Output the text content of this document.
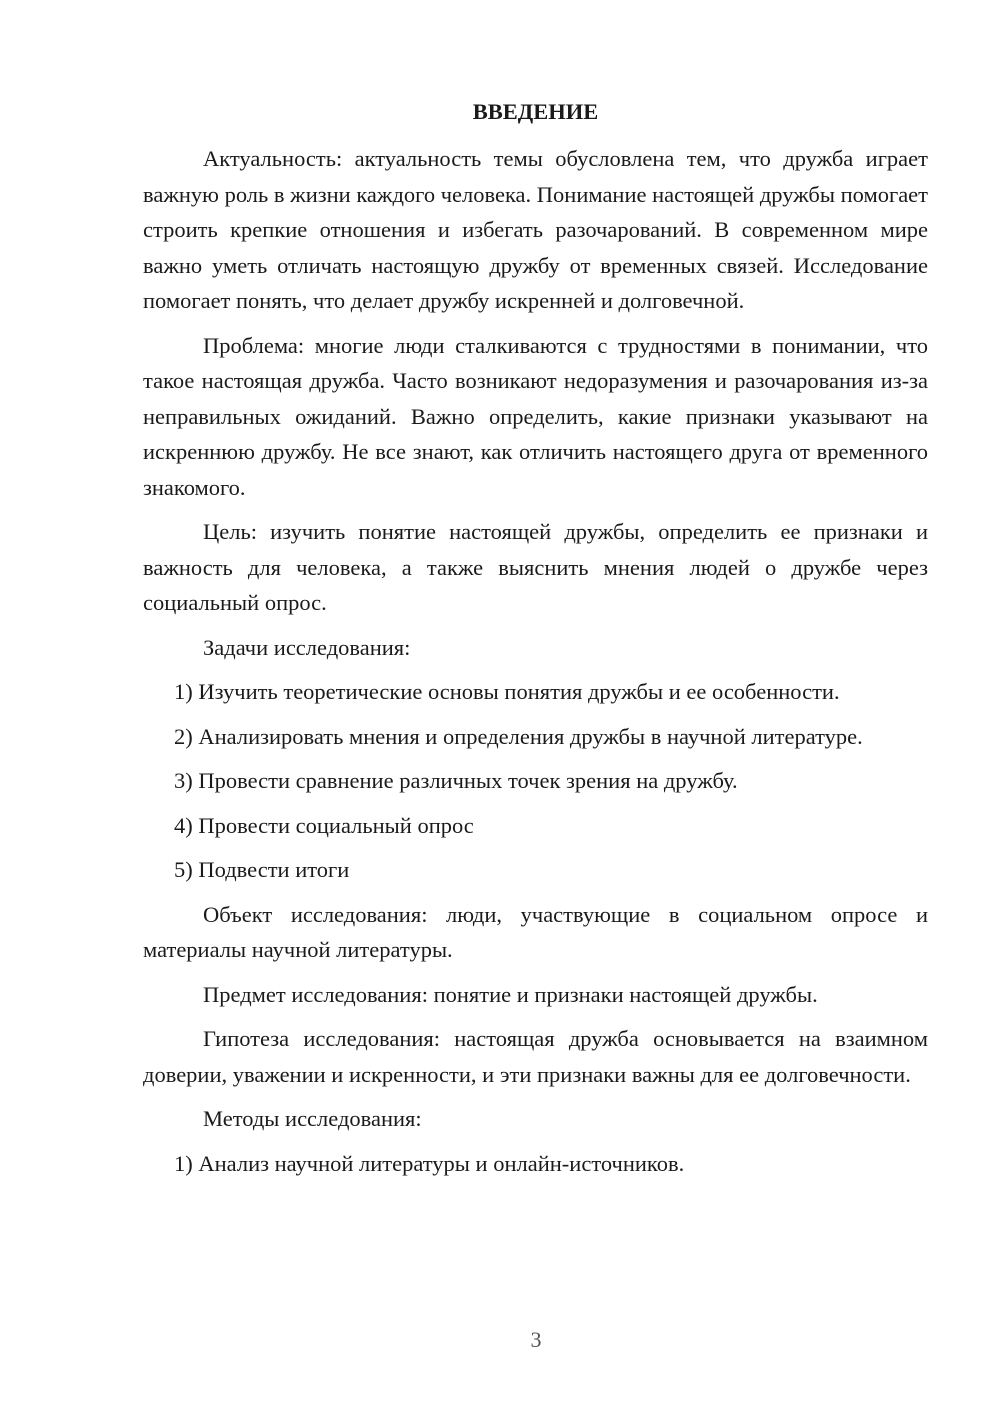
ВВЕДЕНИЕ

Актуальность: актуальность темы обусловлена тем, что дружба играет важную роль в жизни каждого человека. Понимание настоящей дружбы помогает строить крепкие отношения и избегать разочарований. В современном мире важно уметь отличать настоящую дружбу от временных связей. Исследование помогает понять, что делает дружбу искренней и долговечной.

Проблема: многие люди сталкиваются с трудностями в понимании, что такое настоящая дружба. Часто возникают недоразумения и разочарования из-за неправильных ожиданий. Важно определить, какие признаки указывают на искреннюю дружбу. Не все знают, как отличить настоящего друга от временного знакомого.

Цель: изучить понятие настоящей дружбы, определить ее признаки и важность для человека, а также выяснить мнения людей о дружбе через социальный опрос.

Задачи исследования:

1) Изучить теоретические основы понятия дружбы и ее особенности.

2) Анализировать мнения и определения дружбы в научной литературе.

3) Провести сравнение различных точек зрения на дружбу.

4) Провести социальный опрос

5) Подвести итоги

Объект исследования: люди, участвующие в социальном опросе и материалы научной литературы.

Предмет исследования: понятие и признаки настоящей дружбы.

Гипотеза исследования: настоящая дружба основывается на взаимном доверии, уважении и искренности, и эти признаки важны для ее долговечности.

Методы исследования:

1) Анализ научной литературы и онлайн-источников.

3
